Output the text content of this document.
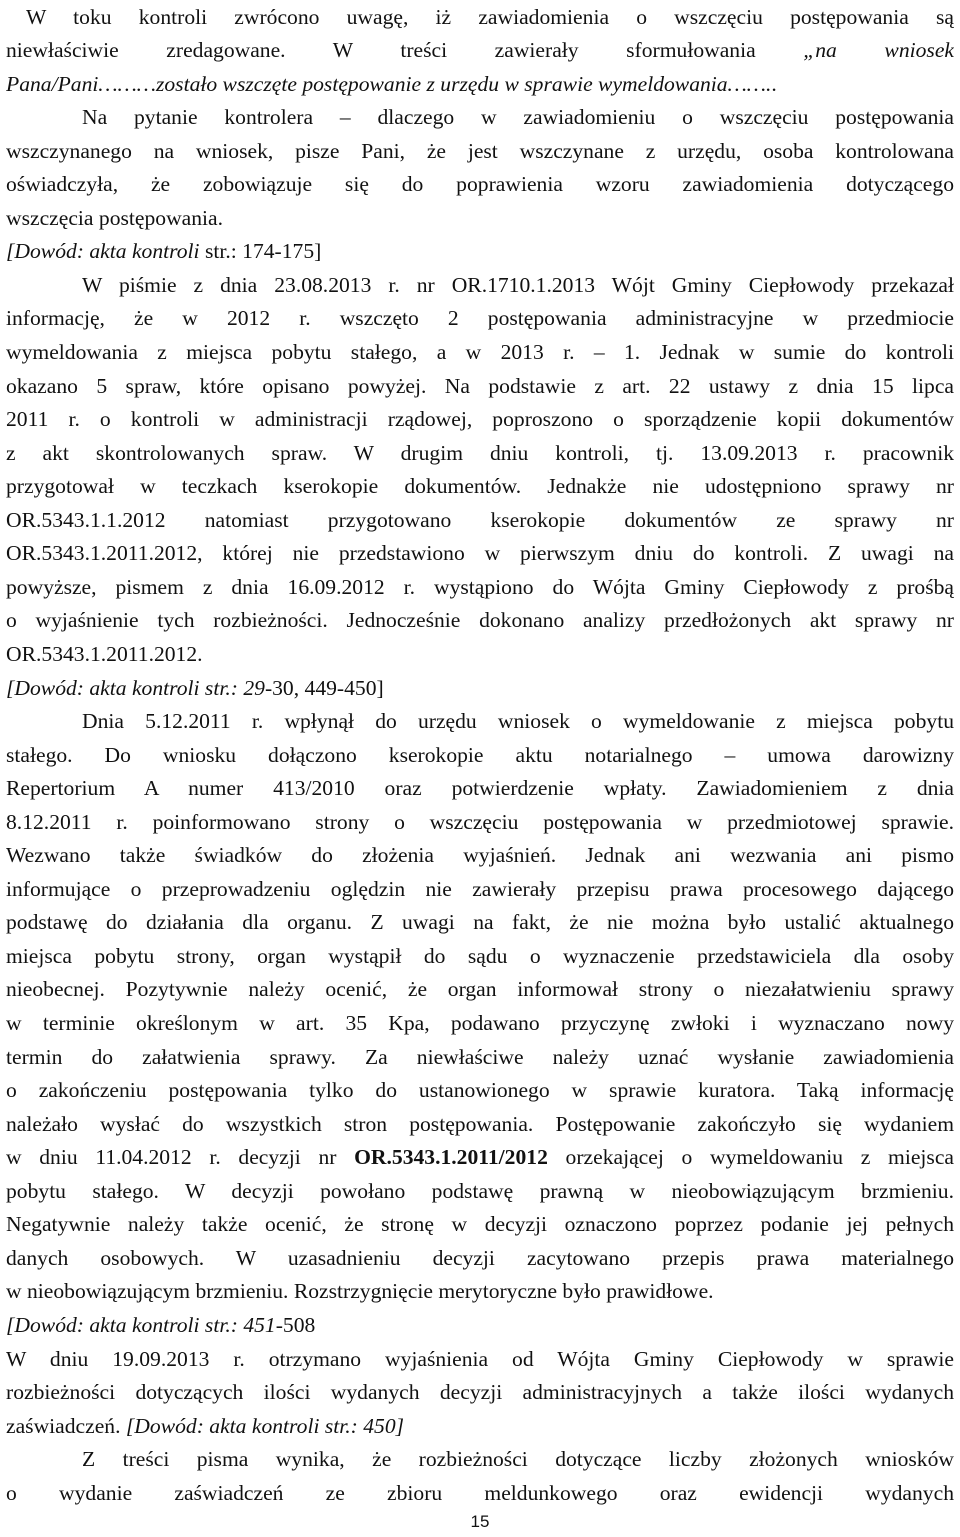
W toku kontroli zwrócono uwagę, iż zawiadomienia o wszczęciu postępowania są
niewłaściwie zredagowane. W treści zawierały sformułowania „na wniosek
Pana/Pani………zostało wszczęte postępowanie z urzędu w sprawie wymeldowania……..
Na pytanie kontrolera – dlaczego w zawiadomieniu o wszczęciu postępowania
wszczynanego na wniosek, pisze Pani, że jest wszczynane z urzędu, osoba kontrolowana
oświadczyła, że zobowiązuje się do poprawienia wzoru zawiadomienia dotyczącego
wszczęcia postępowania.
[Dowód: akta kontroli str.: 174-175]
W piśmie z dnia 23.08.2013 r. nr OR.1710.1.2013 Wójt Gminy Ciepłowody przekazał
informację, że w 2012 r. wszczęto 2 postępowania administracyjne w przedmiocie
wymeldowania z miejsca pobytu stałego, a w 2013 r. – 1. Jednak w sumie do kontroli
okazano 5 spraw, które opisano powyżej. Na podstawie z art. 22 ustawy z dnia 15 lipca
2011 r. o kontroli w administracji rządowej, poproszono o sporządzenie kopii dokumentów
z akt skontrolowanych spraw. W drugim dniu kontroli, tj. 13.09.2013 r. pracownik
przygotował w teczkach kserokopie dokumentów. Jednakże nie udostępniono sprawy nr
OR.5343.1.1.2012 natomiast przygotowano kserokopie dokumentów ze sprawy nr
OR.5343.1.2011.2012, której nie przedstawiono w pierwszym dniu do kontroli. Z uwagi na
powyższe, pismem z dnia 16.09.2012 r. wystąpiono do Wójta Gminy Ciepłowody z prośbą
o wyjaśnienie tych rozbieżności. Jednocześnie dokonano analizy przedłożonych akt sprawy nr
OR.5343.1.2011.2012.
[Dowód: akta kontroli str.: 29-30, 449-450]
Dnia 5.12.2011 r. wpłynął do urzędu wniosek o wymeldowanie z miejsca pobytu
stałego. Do wniosku dołączono kserokopie aktu notarialnego – umowa darowizny
Repertorium A numer 413/2010 oraz potwierdzenie wpłaty. Zawiadomieniem z dnia
8.12.2011 r. poinformowano strony o wszczęciu postępowania w przedmiotowej sprawie.
Wezwano także świadków do złożenia wyjaśnień. Jednak ani wezwania ani pismo
informujące o przeprowadzeniu oględzin nie zawierały przepisu prawa procesowego dającego
podstawę do działania dla organu. Z uwagi na fakt, że nie można było ustalić aktualnego
miejsca pobytu strony, organ wystąpił do sądu o wyznaczenie przedstawiciela dla osoby
nieobecnej. Pozytywnie należy ocenić, że organ informował strony o niezałatwieniu sprawy
w terminie określonym w art. 35 Kpa, podawano przyczynę zwłoki i wyznaczano nowy
termin do załatwienia sprawy. Za niewłaściwe należy uznać wysłanie zawiadomienia
o zakończeniu postępowania tylko do ustanowionego w sprawie kuratora. Taką informację
należało wysłać do wszystkich stron postępowania. Postępowanie zakończyło się wydaniem
w dniu 11.04.2012 r. decyzji nr OR.5343.1.2011/2012 orzekającej o wymeldowaniu z miejsca
pobytu stałego. W decyzji powołano podstawę prawną w nieobowiązującym brzmieniu.
Negatywnie należy także ocenić, że stronę w decyzji oznaczono poprzez podanie jej pełnych
danych osobowych. W uzasadnieniu decyzji zacytowano przepis prawa materialnego
w nieobowiązującym brzmieniu. Rozstrzygnięcie merytoryczne było prawidłowe.
[Dowód: akta kontroli str.: 451-508
W dniu 19.09.2013 r. otrzymano wyjaśnienia od Wójta Gminy Ciepłowody w sprawie
rozbieżności dotyczących ilości wydanych decyzji administracyjnych a także ilości wydanych
zaświadczeń. [Dowód: akta kontroli str.: 450]
Z treści pisma wynika, że rozbieżności dotyczące liczby złożonych wniosków
o wydanie zaświadczeń ze zbioru meldunkowego oraz ewidencji wydanych
15
